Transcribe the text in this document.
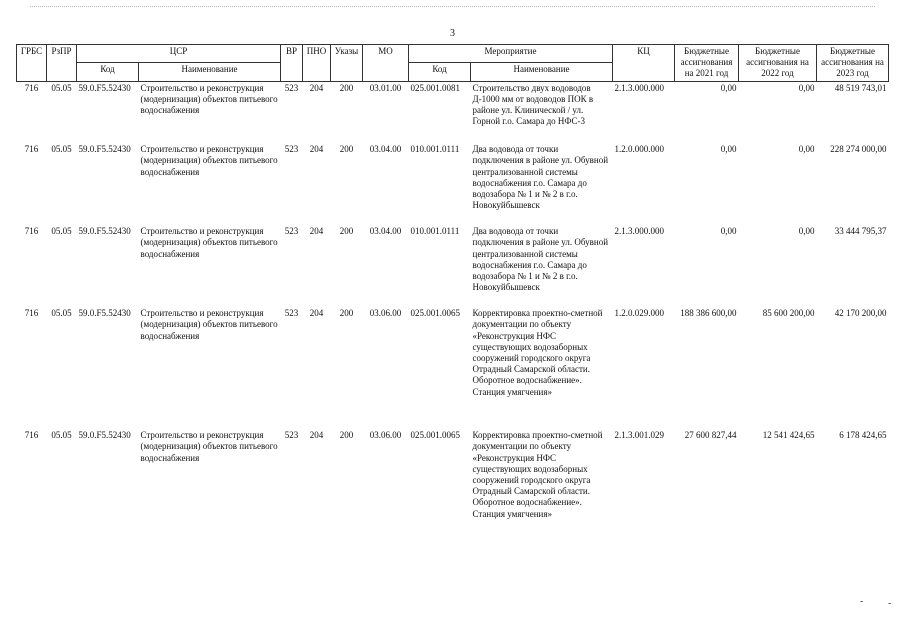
3
ГРБС	РзПР	ЦСР		ВР	ПНО	Указы	МО	Мероприятие		КЦ	Бюджетные ассигнования на 2021 год	Бюджетные ассигнования на 2022 год	Бюджетные ассигнования на 2023 год
		Код	Наименование					Код	Наименование				
716	05.05	59.0.F5.52430	Строительство и реконструкция (модернизация) объектов питьевого водоснабжения	523	204	200	03.01.00	025.001.0081	Строительство двух водоводов Д-1000 мм от водоводов ПОК в районе ул. Клинической / ул. Горной г.о. Самара до НФС-3	2.1.3.000.000	0,00	0,00	48 519 743,01
716	05.05	59.0.F5.52430	Строительство и реконструкция (модернизация) объектов питьевого водоснабжения	523	204	200	03.04.00	010.001.0111	Два водовода от точки подключения в районе ул. Обувной централизованной системы водоснабжения г.о. Самара до водозабора № 1 и № 2 в г.о. Новокуйбышевск	1.2.0.000.000	0,00	0,00	228 274 000,00
716	05.05	59.0.F5.52430	Строительство и реконструкция (модернизация) объектов питьевого водоснабжения	523	204	200	03.04.00	010.001.0111	Два водовода от точки подключения в районе ул. Обувной централизованной системы водоснабжения г.о. Самара до водозабора № 1 и № 2 в г.о. Новокуйбышевск	2.1.3.000.000	0,00	0,00	33 444 795,37
716	05.05	59.0.F5.52430	Строительство и реконструкция (модернизация) объектов питьевого водоснабжения	523	204	200	03.06.00	025.001.0065	Корректировка проектно-сметной документации по объекту «Реконструкция НФС существующих водозаборных сооружений городского округа Отрадный Самарской области. Оборотное водоснабжение». Станция умягчения»	1.2.0.029.000	188 386 600,00	85 600 200,00	42 170 200,00
716	05.05	59.0.F5.52430	Строительство и реконструкция (модернизация) объектов питьевого водоснабжения	523	204	200	03.06.00	025.001.0065	Корректировка проектно-сметной документации по объекту «Реконструкция НФС существующих водозаборных сооружений городского округа Отрадный Самарской области. Оборотное водоснабжение». Станция умягчения»	2.1.3.001.029	27 600 827,44	12 541 424,65	6 178 424,65
- -
